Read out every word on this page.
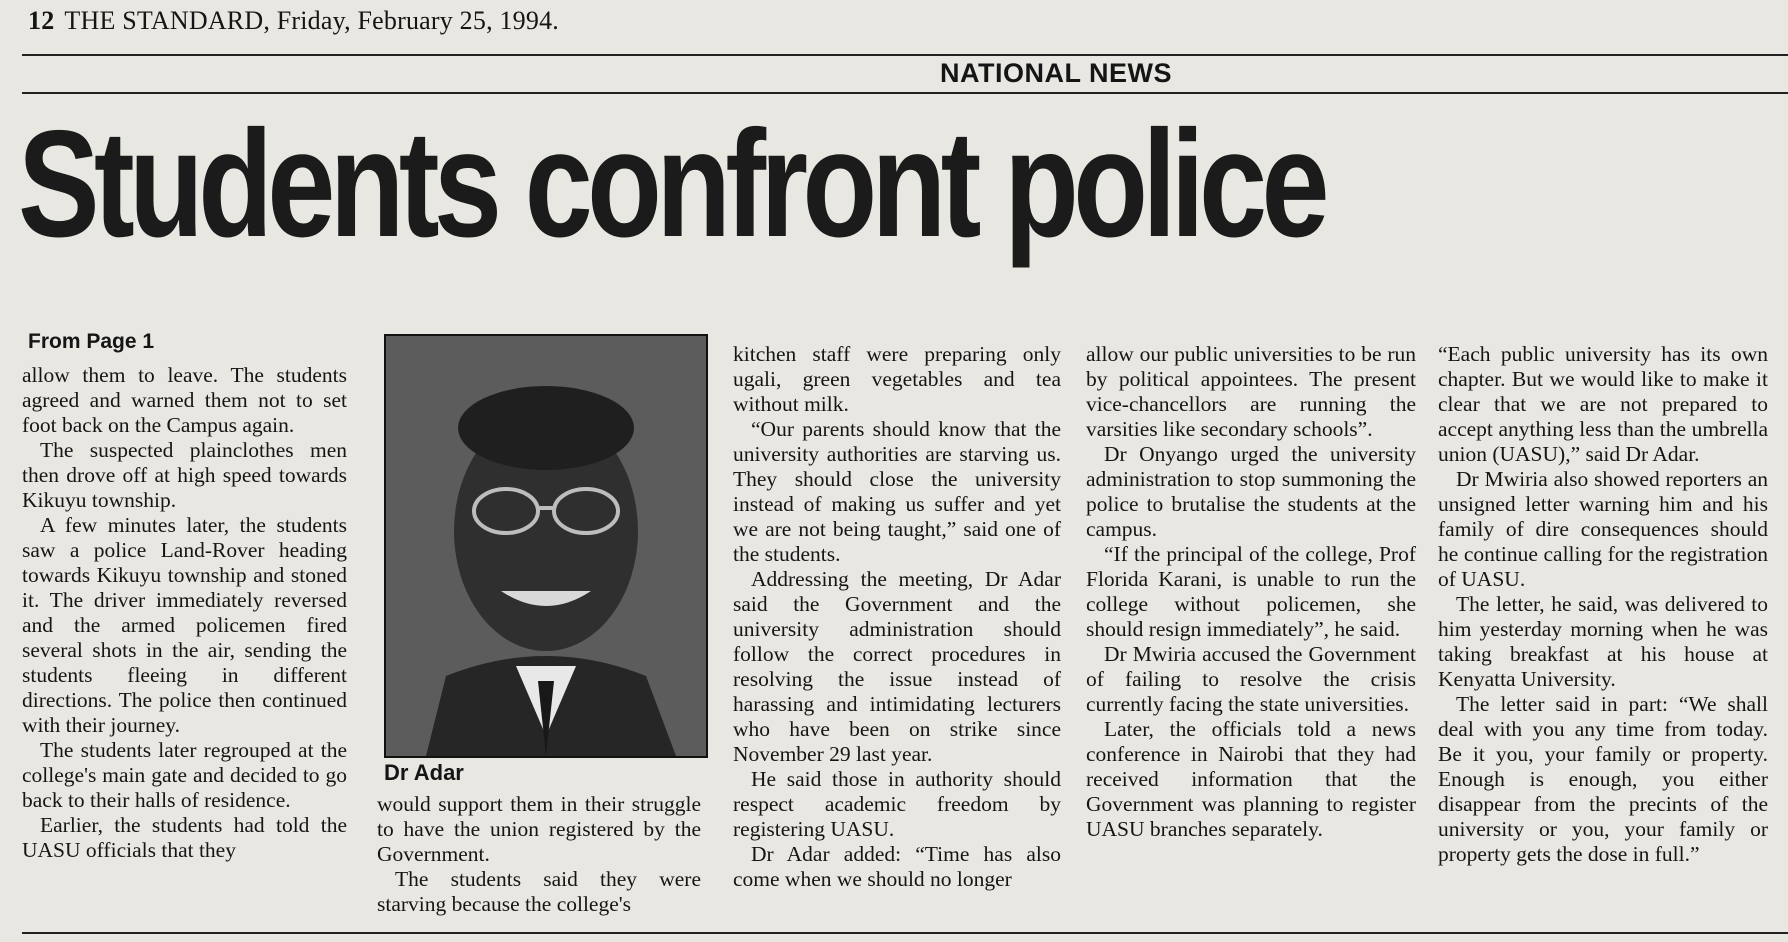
12 THE STANDARD, Friday, February 25, 1994.
NATIONAL NEWS
Students confront police
From Page 1

allow them to leave. The students agreed and warned them not to set foot back on the Campus again.

The suspected plainclothes men then drove off at high speed towards Kikuyu township.

A few minutes later, the students saw a police Land-Rover heading towards Kikuyu township and stoned it. The driver immediately reversed and the armed policemen fired several shots in the air, sending the students fleeing in different directions. The police then continued with their journey.

The students later regrouped at the college's main gate and decided to go back to their halls of residence.

Earlier, the students had told the UASU officials that they

Dr Adar

would support them in their struggle to have the union registered by the Government.

The students said they were starving because the college's

kitchen staff were preparing only ugali, green vegetables and tea without milk.

“Our parents should know that the university authorities are starving us. They should close the university instead of making us suffer and yet we are not being taught,” said one of the students.

Addressing the meeting, Dr Adar said the Government and the university administration should follow the correct procedures in resolving the issue instead of harassing and intimidating lecturers who have been on strike since November 29 last year.

He said those in authority should respect academic freedom by registering UASU.

Dr Adar added: “Time has also come when we should no longer

allow our public universities to be run by political appointees. The present vice-chancellors are running the varsities like secondary schools”.

Dr Onyango urged the university administration to stop summoning the police to brutalise the students at the campus.

“If the principal of the college, Prof Florida Karani, is unable to run the college without policemen, she should resign immediately”, he said.

Dr Mwiria accused the Government of failing to resolve the crisis currently facing the state universities.

Later, the officials told a news conference in Nairobi that they had received information that the Government was planning to register UASU branches separately.

“Each public university has its own chapter. But we would like to make it clear that we are not prepared to accept anything less than the umbrella union (UASU),” said Dr Adar.

Dr Mwiria also showed reporters an unsigned letter warning him and his family of dire consequences should he continue calling for the registration of UASU.

The letter, he said, was delivered to him yesterday morning when he was taking breakfast at his house at Kenyatta University.

The letter said in part: “We shall deal with you any time from today. Be it you, your family or property. Enough is enough, you either disappear from the precints of the university or you, your family or property gets the dose in full.”
